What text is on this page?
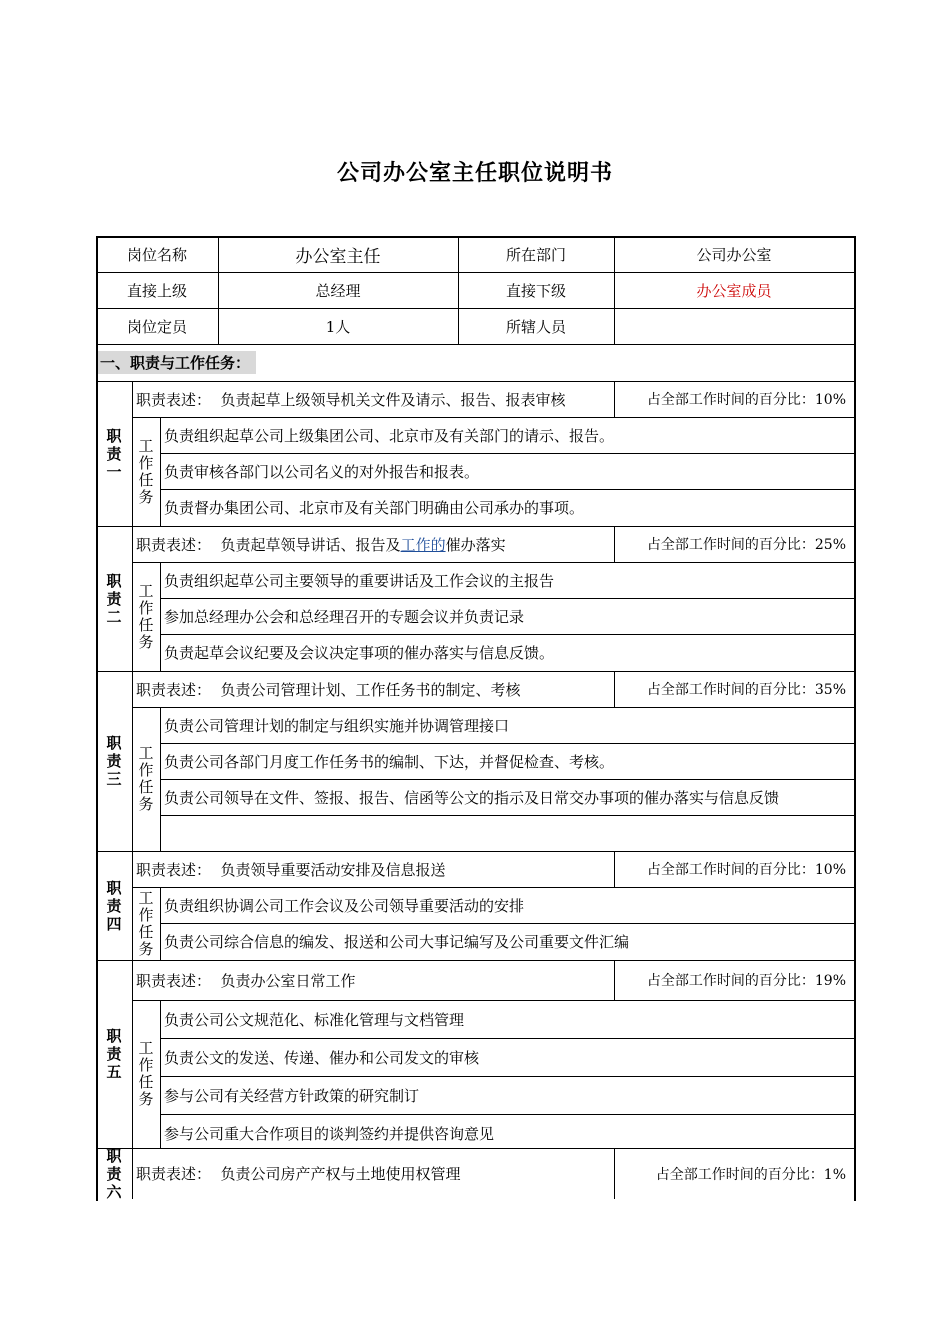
公司办公室主任职位说明书
岗位名称	办公室主任	所在部门	公司办公室
直接上级	总经理	直接下级	办公室成员
岗位定员	1人	所辖人员
一、职责与工作任务：
职
责
一
职责表述： 负责起草上级领导机关文件及请示、报告、报表审核	占全部工作时间的百分比：10%
工
作
任
务
负责组织起草公司上级集团公司、北京市及有关部门的请示、报告。
负责审核各部门以公司名义的对外报告和报表。
负责督办集团公司、北京市及有关部门明确由公司承办的事项。
职
责
二
职责表述： 负责起草领导讲话、报告及 工作的 催办落实	占全部工作时间的百分比：25%
工
作
任
务
负责组织起草公司主要领导的重要讲话及工作会议的主报告
参加总经理办公会和总经理召开的专题会议并负责记录
负责起草会议纪要及会议决定事项的催办落实与信息反馈。
职
责
三
职责表述： 负责公司管理计划、工作任务书的制定、考核	占全部工作时间的百分比：35%
工
作
任
务
负责公司管理计划的制定与组织实施并协调管理接口
负责公司各部门月度工作任务书的编制、下达，并督促检查、考核。
负责公司领导在文件、签报、报告、信函等公文的指示及日常交办事项的催办落实与信息反馈
职
责
四
职责表述： 负责领导重要活动安排及信息报送	占全部工作时间的百分比：10%
工
作
任
务
负责组织协调公司工作会议及公司领导重要活动的安排
负责公司综合信息的编发、报送和公司大事记编写及公司重要文件汇编
职
责
五
职责表述： 负责办公室日常工作	占全部工作时间的百分比：19%
工
作
任
务
负责公司公文规范化、标准化管理与文档管理
负责公文的发送、传递、催办和公司发文的审核
参与公司有关经营方针政策的研究制订
参与公司重大合作项目的谈判签约并提供咨询意见
职
责
六
职责表述： 负责公司房产产权与土地使用权管理	占全部工作时间的百分比：1%
